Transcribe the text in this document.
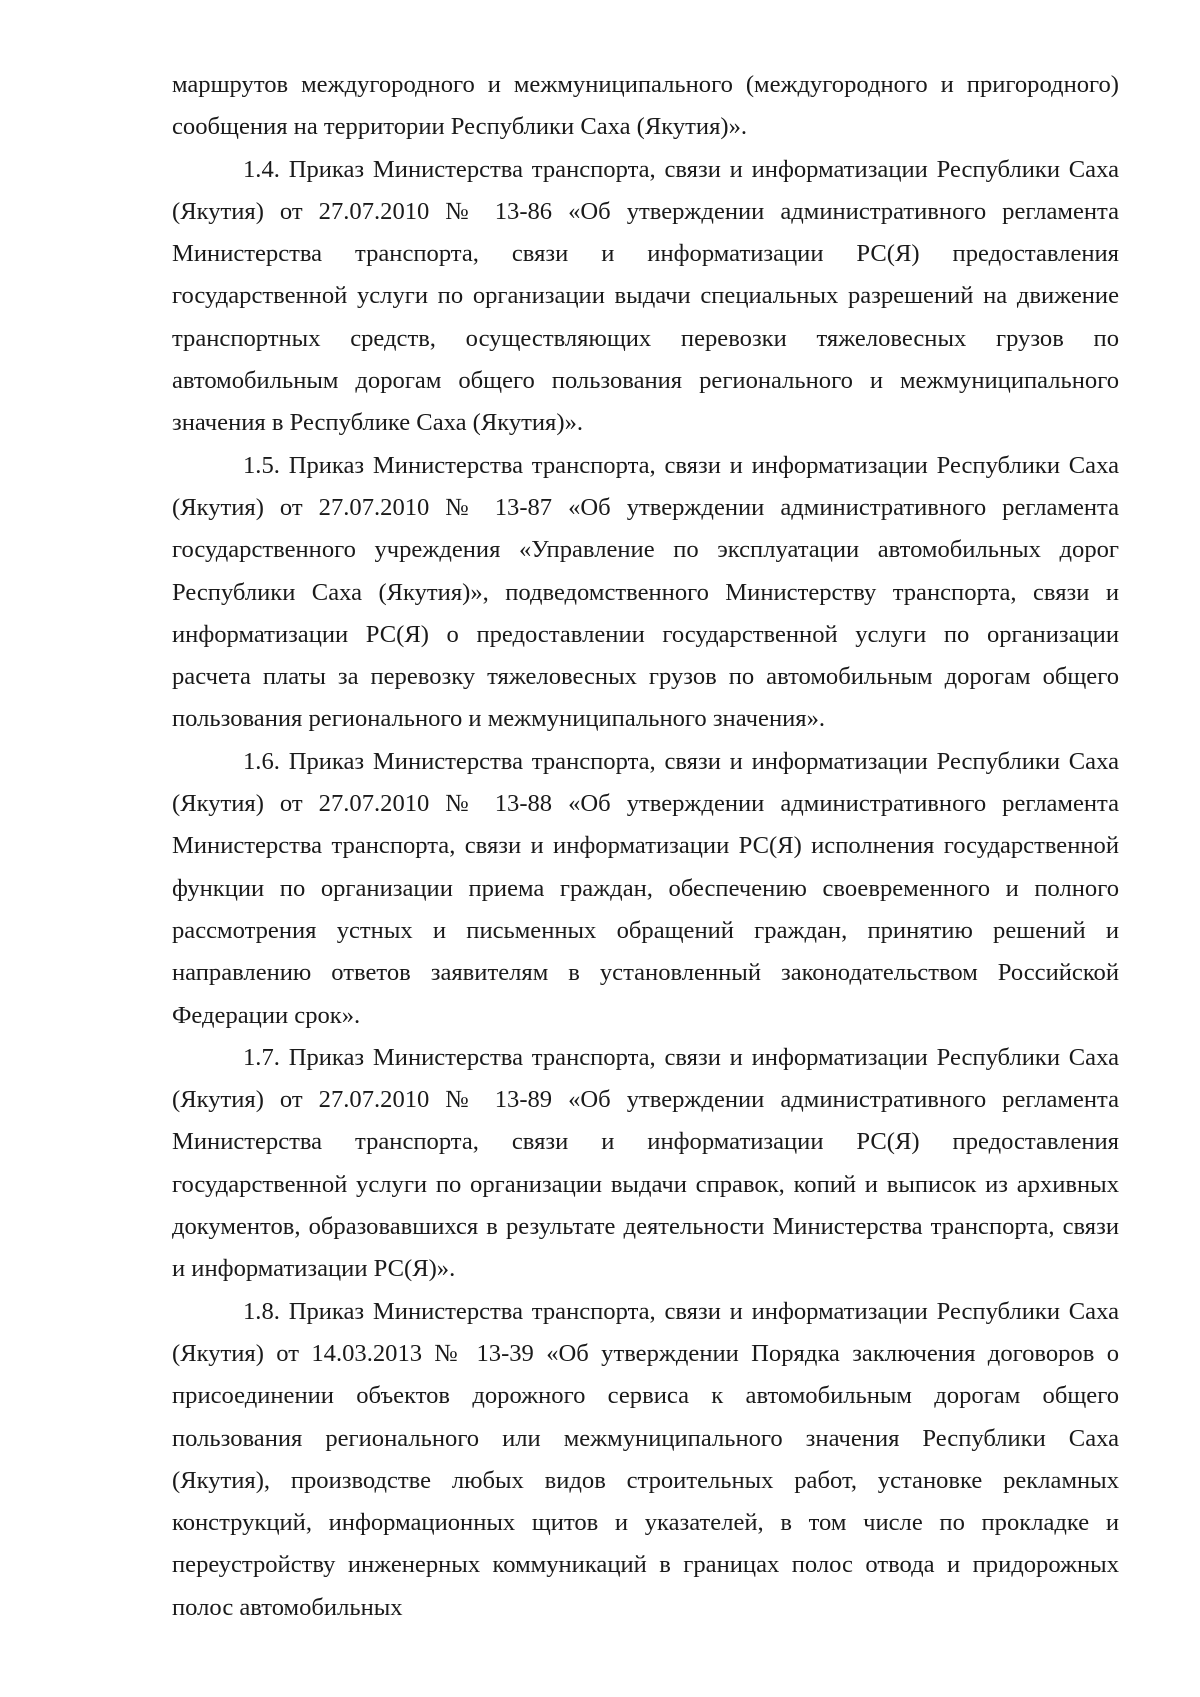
маршрутов междугородного и межмуниципального (междугородного и пригородного) сообщения на территории Республики Саха (Якутия)».

1.4. Приказ Министерства транспорта, связи и информатизации Республики Саха (Якутия) от 27.07.2010 № 13-86 «Об утверждении административного регламента Министерства транспорта, связи и информатизации РС(Я) предоставления государственной услуги по организации выдачи специальных разрешений на движение транспортных средств, осуществляющих перевозки тяжеловесных грузов по автомобильным дорогам общего пользования регионального и межмуниципального значения в Республике Саха (Якутия)».

1.5. Приказ Министерства транспорта, связи и информатизации Республики Саха (Якутия) от 27.07.2010 № 13-87 «Об утверждении административного регламента государственного учреждения «Управление по эксплуатации автомобильных дорог Республики Саха (Якутия)», подведомственного Министерству транспорта, связи и информатизации РС(Я) о предоставлении государственной услуги по организации расчета платы за перевозку тяжеловесных грузов по автомобильным дорогам общего пользования регионального и межмуниципального значения».

1.6. Приказ Министерства транспорта, связи и информатизации Республики Саха (Якутия) от 27.07.2010 № 13-88 «Об утверждении административного регламента Министерства транспорта, связи и информатизации РС(Я) исполнения государственной функции по организации приема граждан, обеспечению своевременного и полного рассмотрения устных и письменных обращений граждан, принятию решений и направлению ответов заявителям в установленный законодательством Российской Федерации срок».

1.7. Приказ Министерства транспорта, связи и информатизации Республики Саха (Якутия) от 27.07.2010 № 13-89 «Об утверждении административного регламента Министерства транспорта, связи и информатизации РС(Я) предоставления государственной услуги по организации выдачи справок, копий и выписок из архивных документов, образовавшихся в результате деятельности Министерства транспорта, связи и информатизации РС(Я)».

1.8. Приказ Министерства транспорта, связи и информатизации Республики Саха (Якутия) от 14.03.2013 № 13-39 «Об утверждении Порядка заключения договоров о присоединении объектов дорожного сервиса к автомобильным дорогам общего пользования регионального или межмуниципального значения Республики Саха (Якутия), производстве любых видов строительных работ, установке рекламных конструкций, информационных щитов и указателей, в том числе по прокладке и переустройству инженерных коммуникаций в границах полос отвода и придорожных полос автомобильных
